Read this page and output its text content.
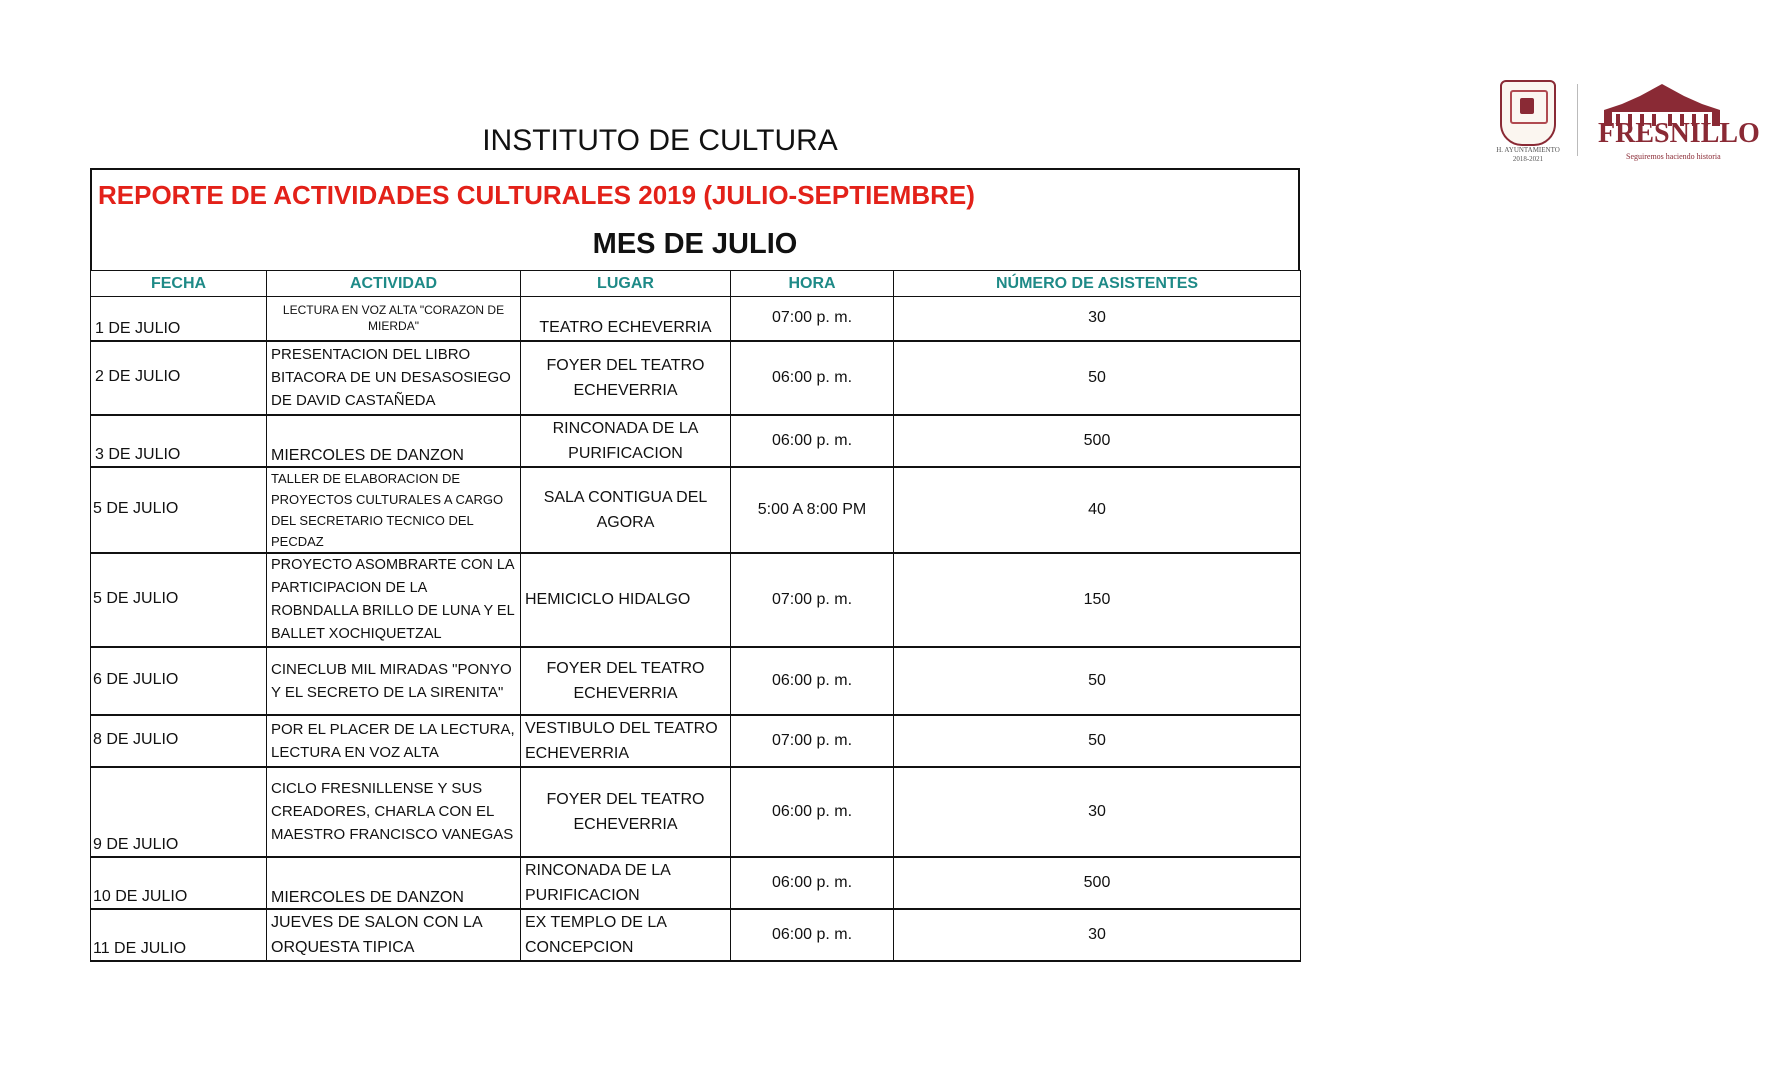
H. AYUNTAMIENTO
2018-2021
FRESNILLO
Seguiremos haciendo historia
INSTITUTO DE CULTURA
REPORTE DE ACTIVIDADES CULTURALES 2019 (JULIO-SEPTIEMBRE)
MES DE JULIO
FECHA	ACTIVIDAD	LUGAR	HORA	NÚMERO DE ASISTENTES
1 DE JULIO	LECTURA EN VOZ ALTA "CORAZON DE MIERDA"	TEATRO ECHEVERRIA	07:00 p. m.	30
2 DE JULIO	PRESENTACION DEL LIBRO BITACORA DE UN DESASOSIEGO DE DAVID CASTAÑEDA	FOYER DEL TEATRO ECHEVERRIA	06:00 p. m.	50
3 DE JULIO	MIERCOLES DE DANZON	RINCONADA DE LA PURIFICACION	06:00 p. m.	500
5 DE JULIO	TALLER DE ELABORACION DE PROYECTOS CULTURALES A CARGO DEL SECRETARIO TECNICO DEL PECDAZ	SALA CONTIGUA DEL AGORA	5:00 A 8:00 PM	40
5 DE JULIO	PROYECTO ASOMBRARTE CON LA PARTICIPACION DE LA ROBNDALLA BRILLO DE LUNA Y EL BALLET XOCHIQUETZAL	HEMICICLO HIDALGO	07:00 p. m.	150
6 DE JULIO	CINECLUB MIL MIRADAS "PONYO Y EL SECRETO DE LA SIRENITA"	FOYER DEL TEATRO ECHEVERRIA	06:00 p. m.	50
8 DE JULIO	POR EL PLACER DE LA LECTURA, LECTURA EN VOZ ALTA	VESTIBULO DEL TEATRO ECHEVERRIA	07:00 p. m.	50
9 DE JULIO	CICLO FRESNILLENSE Y SUS CREADORES, CHARLA CON EL MAESTRO FRANCISCO VANEGAS	FOYER DEL TEATRO ECHEVERRIA	06:00 p. m.	30
10 DE JULIO	MIERCOLES DE DANZON	RINCONADA DE LA PURIFICACION	06:00 p. m.	500
11 DE JULIO	JUEVES DE SALON CON LA ORQUESTA TIPICA	EX TEMPLO DE LA CONCEPCION	06:00 p. m.	30
